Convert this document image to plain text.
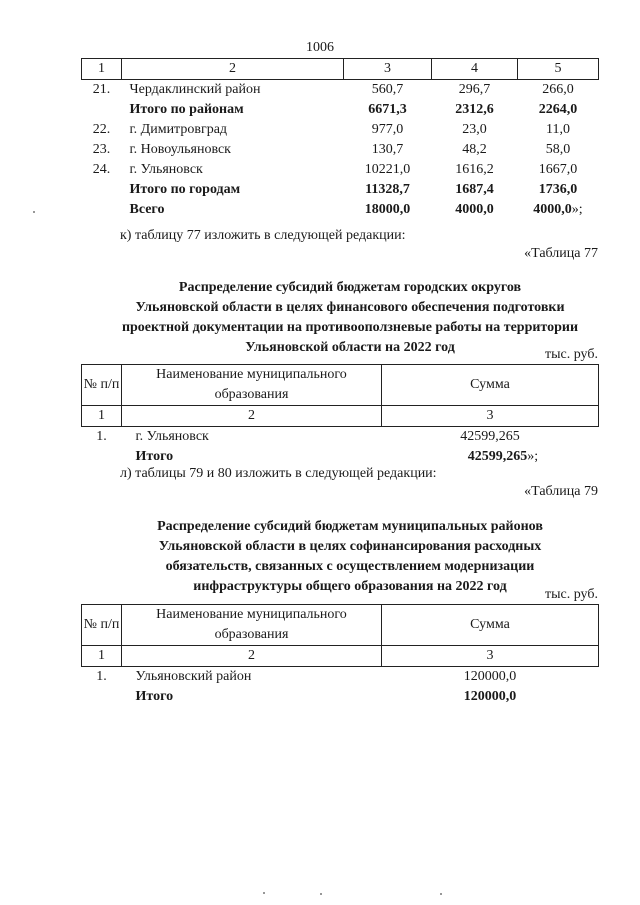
1006
1	2	3	4	5
21.	Чердаклинский район	560,7	296,7	266,0
	Итого по районам	6671,3	2312,6	2264,0
22.	г. Димитровград	977,0	23,0	11,0
23.	г. Новоульяновск	130,7	48,2	58,0
24.	г. Ульяновск	10221,0	1616,2	1667,0
	Итого по городам	11328,7	1687,4	1736,0
	Всего	18000,0	4000,0	4000,0»;
к) таблицу 77 изложить в следующей редакции:
«Таблица 77
Распределение субсидий бюджетам городских округов
Ульяновской области в целях финансового обеспечения подготовки
проектной документации на противооползневые работы на территории
Ульяновской области на 2022 год	тыс. руб.
№ п/п	Наименование муниципального образования	Сумма
1	2	3
1.	г. Ульяновск	42599,265
	Итого	42599,265»;
л) таблицы 79 и 80 изложить в следующей редакции:
«Таблица 79
Распределение субсидий бюджетам муниципальных районов
Ульяновской области в целях софинансирования расходных
обязательств, связанных с осуществлением модернизации
инфраструктуры общего образования на 2022 год
тыс. руб.
№ п/п	Наименование муниципального образования	Сумма
1	2	3
1.	Ульяновский район	120000,0
	Итого	120000,0
